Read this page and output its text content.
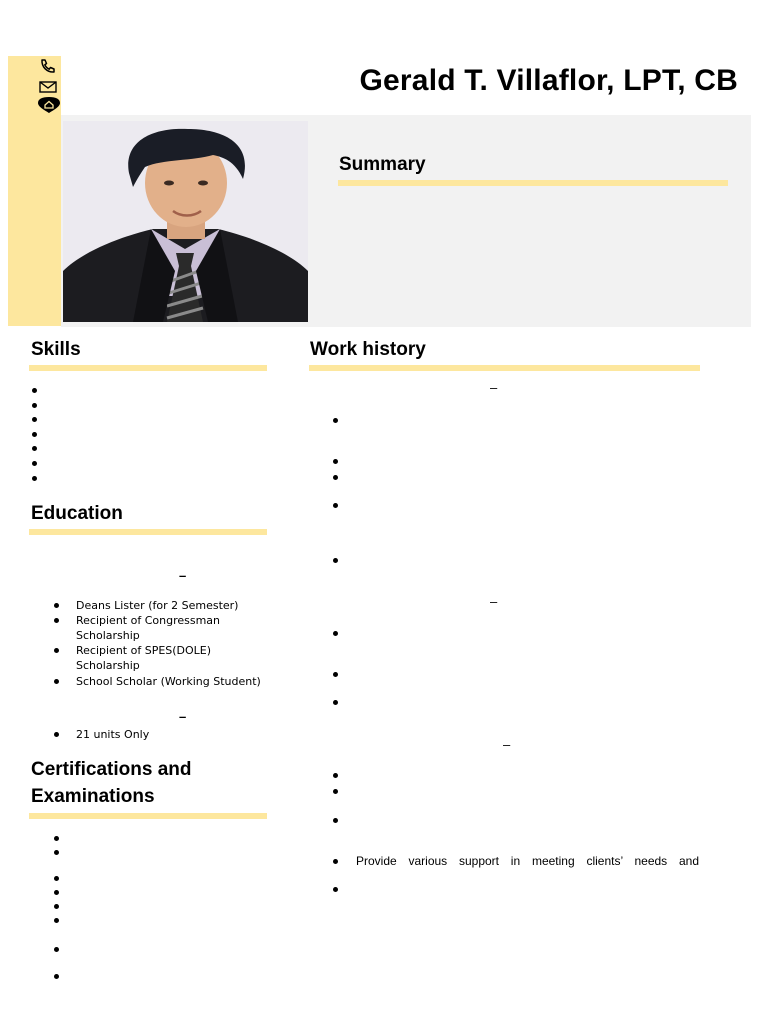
Gerald T. Villaflor, LPT, CB
Summary
Skills
Education
–
Deans Lister (for 2 Semester)
Recipient of Congressman
Scholarship
Recipient of SPES(DOLE)
Scholarship
School Scholar (Working Student)
–
21 units Only
Certifications and
Examinations
Work history
–
–
–
Provide various support in meeting clients’ needs and
